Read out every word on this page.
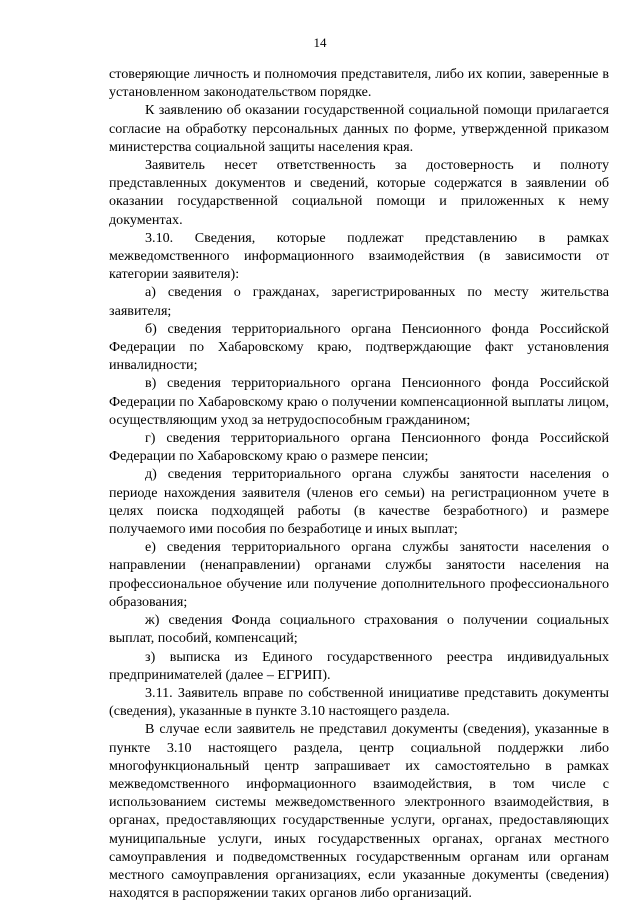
14

стоверяющие личность и полномочия представителя, либо их копии, заверенные в установленном законодательством порядке.

К заявлению об оказании государственной социальной помощи прилагается согласие на обработку персональных данных по форме, утвержденной приказом министерства социальной защиты населения края.

Заявитель несет ответственность за достоверность и полноту представленных документов и сведений, которые содержатся в заявлении об оказании государственной социальной помощи и приложенных к нему документах.

3.10. Сведения, которые подлежат представлению в рамках межведомственного информационного взаимодействия (в зависимости от категории заявителя):

а) сведения о гражданах, зарегистрированных по месту жительства заявителя;

б) сведения территориального органа Пенсионного фонда Российской Федерации по Хабаровскому краю, подтверждающие факт установления инвалидности;

в) сведения территориального органа Пенсионного фонда Российской Федерации по Хабаровскому краю о получении компенсационной выплаты лицом, осуществляющим уход за нетрудоспособным гражданином;

г) сведения территориального органа Пенсионного фонда Российской Федерации по Хабаровскому краю о размере пенсии;

д) сведения территориального органа службы занятости населения о периоде нахождения заявителя (членов его семьи) на регистрационном учете в целях поиска подходящей работы (в качестве безработного) и размере получаемого ими пособия по безработице и иных выплат;

е) сведения территориального органа службы занятости населения о направлении (ненаправлении) органами службы занятости населения на профессиональное обучение или получение дополнительного профессионального образования;

ж) сведения Фонда социального страхования о получении социальных выплат, пособий, компенсаций;

з) выписка из Единого государственного реестра индивидуальных предпринимателей (далее – ЕГРИП).

3.11. Заявитель вправе по собственной инициативе представить документы (сведения), указанные в пункте 3.10 настоящего раздела.

В случае если заявитель не представил документы (сведения), указанные в пункте 3.10 настоящего раздела, центр социальной поддержки либо многофункциональный центр запрашивает их самостоятельно в рамках межведомственного информационного взаимодействия, в том числе с использованием системы межведомственного электронного взаимодействия, в органах, предоставляющих государственные услуги, органах, предоставляющих муниципальные услуги, иных государственных органах, органах местного самоуправления и подведомственных государственным органам или органам местного самоуправления организациях, если указанные документы (сведения) находятся в распоряжении таких органов либо организаций.
